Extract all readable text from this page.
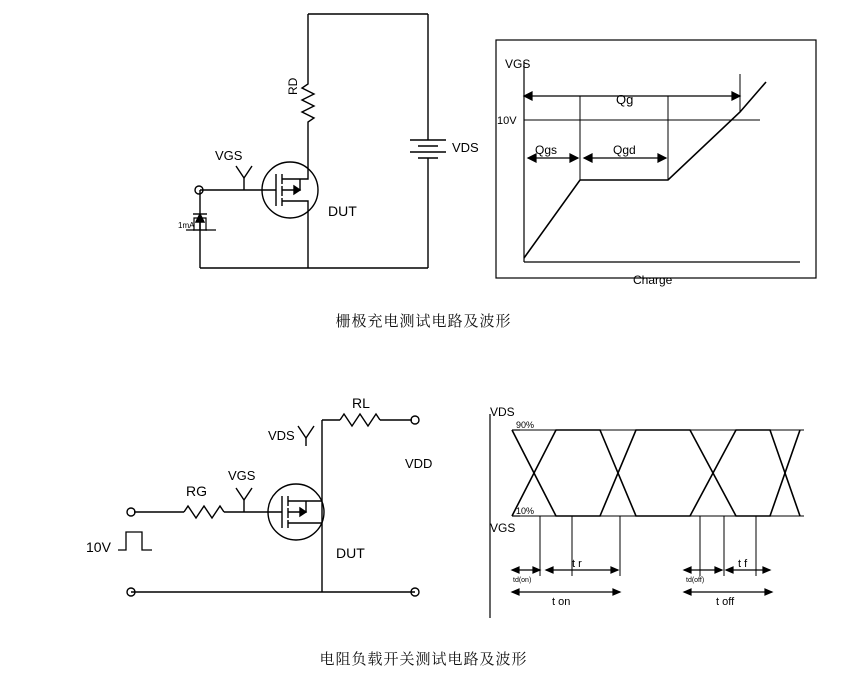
RD
VDS
VGS
1mA
DUT
VGS
10V
Qg
Qgs	Qgd
Charge
栅极充电测试电路及波形
RL
RG
VDS
VGS
VDD
10V	DUT
VDS
VGS
90%
10%
td(on)
t r
t on
td(off)
t f
t off
电阻负载开关测试电路及波形
